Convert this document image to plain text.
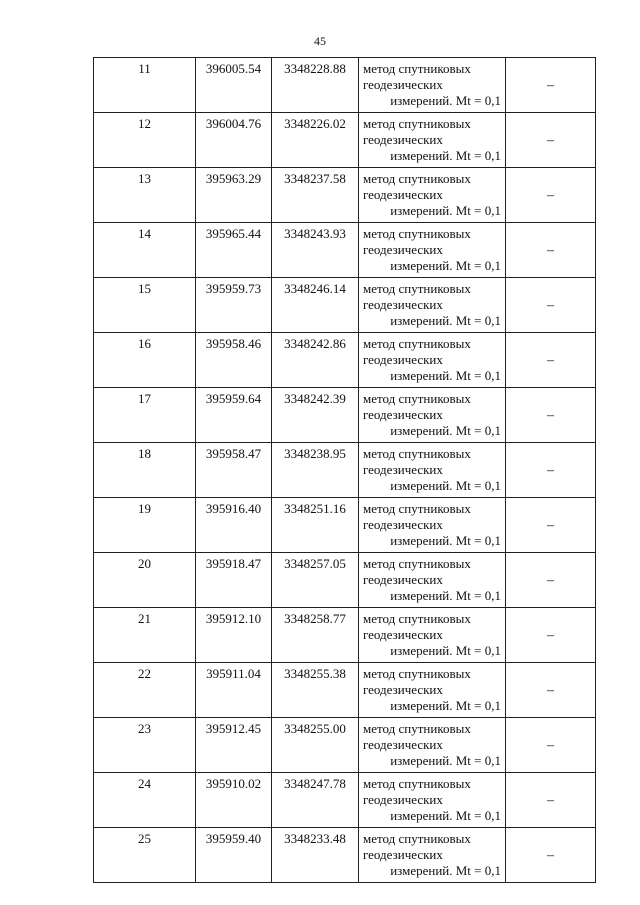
45
11	396005.54	3348228.88	метод спутниковых
геодезических
измерений. Mt = 0,1	–
12	396004.76	3348226.02	метод спутниковых
геодезических
измерений. Mt = 0,1	–
13	395963.29	3348237.58	метод спутниковых
геодезических
измерений. Mt = 0,1	–
14	395965.44	3348243.93	метод спутниковых
геодезических
измерений. Mt = 0,1	–
15	395959.73	3348246.14	метод спутниковых
геодезических
измерений. Mt = 0,1	–
16	395958.46	3348242.86	метод спутниковых
геодезических
измерений. Mt = 0,1	–
17	395959.64	3348242.39	метод спутниковых
геодезических
измерений. Mt = 0,1	–
18	395958.47	3348238.95	метод спутниковых
геодезических
измерений. Mt = 0,1	–
19	395916.40	3348251.16	метод спутниковых
геодезических
измерений. Mt = 0,1	–
20	395918.47	3348257.05	метод спутниковых
геодезических
измерений. Mt = 0,1	–
21	395912.10	3348258.77	метод спутниковых
геодезических
измерений. Mt = 0,1	–
22	395911.04	3348255.38	метод спутниковых
геодезических
измерений. Mt = 0,1	–
23	395912.45	3348255.00	метод спутниковых
геодезических
измерений. Mt = 0,1	–
24	395910.02	3348247.78	метод спутниковых
геодезических
измерений. Mt = 0,1	–
25	395959.40	3348233.48	метод спутниковых
геодезических
измерений. Mt = 0,1	–
